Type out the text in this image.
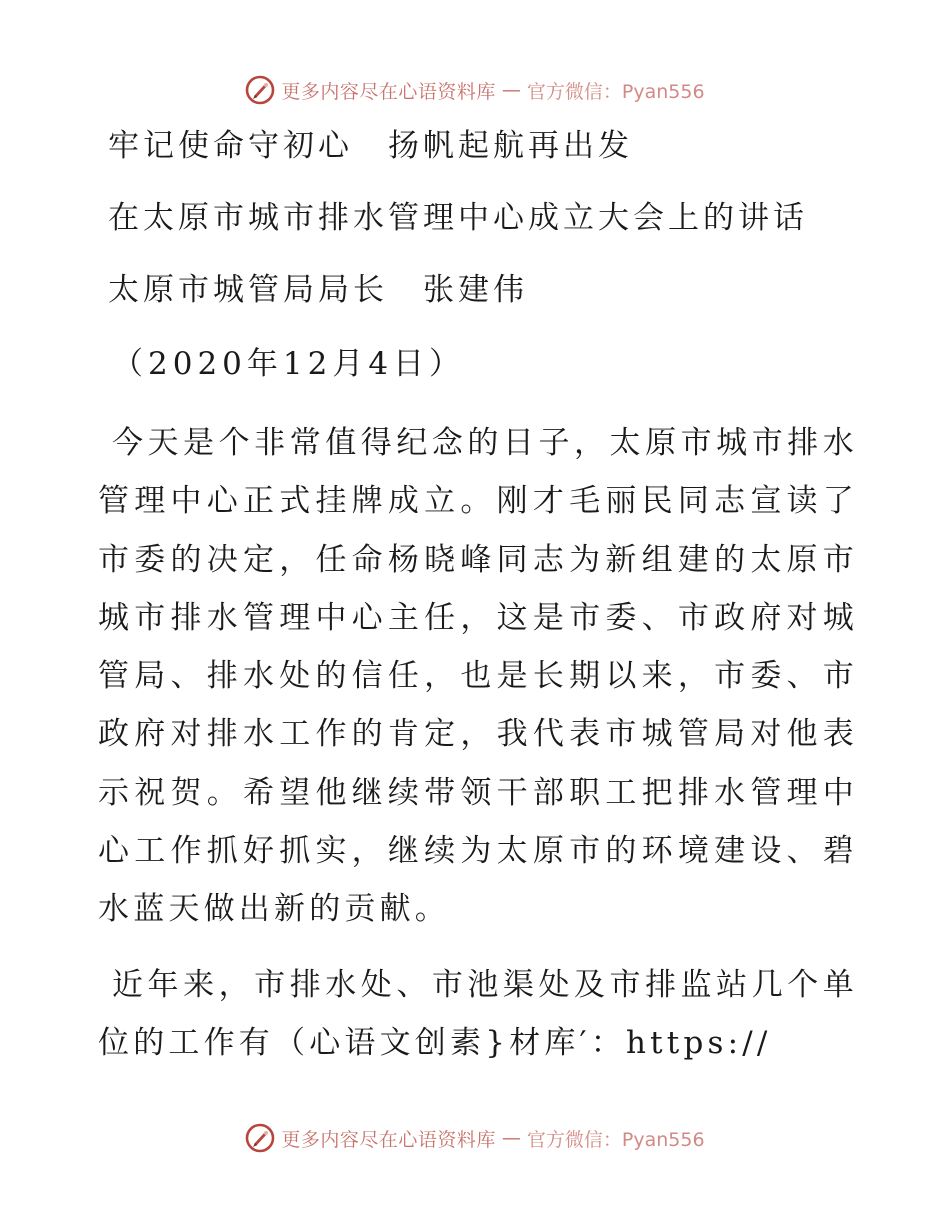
更多内容尽在心语资料库 — 官方微信：Pyan556
牢记使命守初心　扬帆起航再出发
在太原市城市排水管理中心成立大会上的讲话
太原市城管局局长　张建伟
（2020年12月4日）

今天是个非常值得纪念的日子，太原市城市排水管理中心正式挂牌成立。刚才毛丽民同志宣读了市委的决定，任命杨晓峰同志为新组建的太原市城市排水管理中心主任，这是市委、市政府对城管局、排水处的信任，也是长期以来，市委、市政府对排水工作的肯定，我代表市城管局对他表示祝贺。希望他继续带领干部职工把排水管理中心工作抓好抓实，继续为太原市的环境建设、碧水蓝天做出新的贡献。

近年来，市排水处、市池渠处及市排监站几个单位的工作有（心语文创素}材库′：https://

更多内容尽在心语资料库 — 官方微信：Pyan556
